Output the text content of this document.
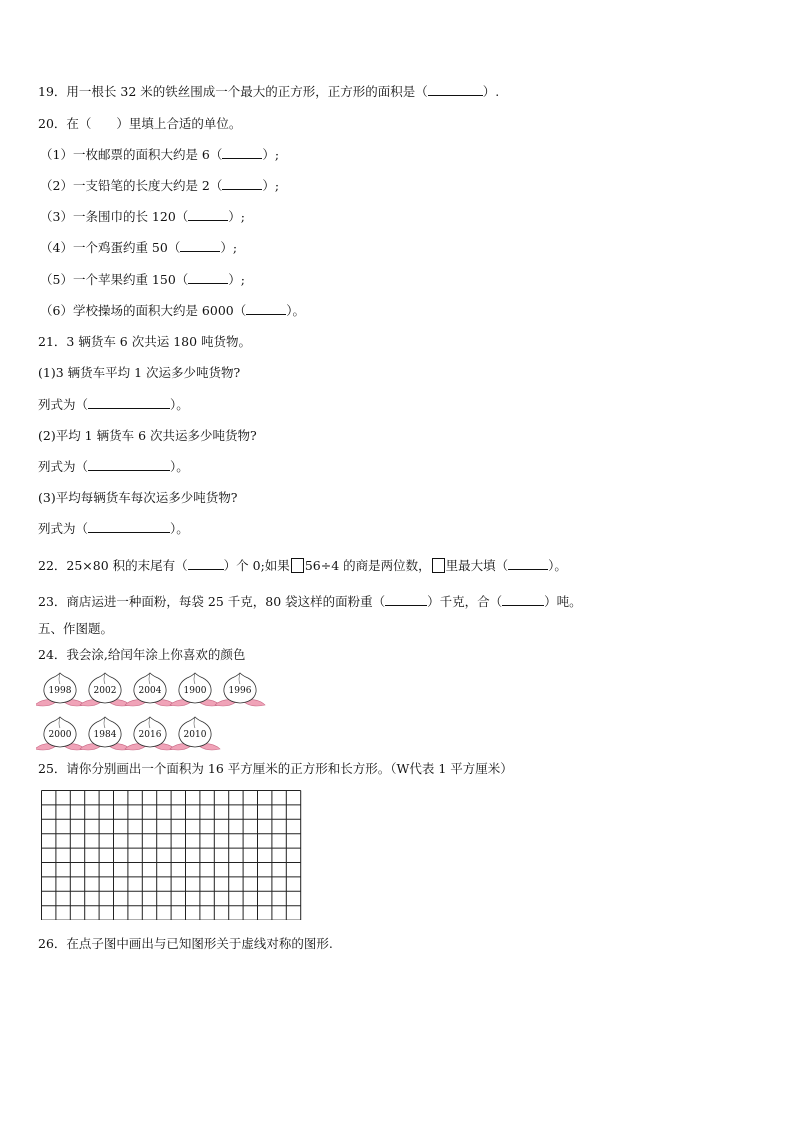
19．用一根长 32 米的铁丝围成一个最大的正方形，正方形的面积是（	）.
20．在（　　）里填上合适的单位。
（1）一枚邮票的面积大约是 6（	）;
（2）一支铅笔的长度大约是 2（	）;
（3）一条围巾的长 120（	）;
（4）一个鸡蛋约重 50（	）;
（5）一个苹果约重 150（	）;
（6）学校操场的面积大约是 6000（	）。
21．3 辆货车 6 次共运 180 吨货物。
(1)3 辆货车平均 1 次运多少吨货物?
列式为（	）。
(2)平均 1 辆货车 6 次共运多少吨货物?
列式为（	）。
(3)平均每辆货车每次运多少吨货物?
列式为（	）。
22．25×80 积的末尾有（	）个 0;如果 56÷4 的商是两位数， 里最大填（	）。
23．商店运进一种面粉，每袋 25 千克，80 袋这样的面粉重（	）千克，合（	）吨。
五、作图题。
24．我会涂,给闰年涂上你喜欢的颜色
1998 2002 2004 1900 1996
2000 1984 2016 2010
25．请你分别画出一个面积为 16 平方厘米的正方形和长方形。（W代表 1 平方厘米）
26．在点子图中画出与已知图形关于虚线对称的图形.
